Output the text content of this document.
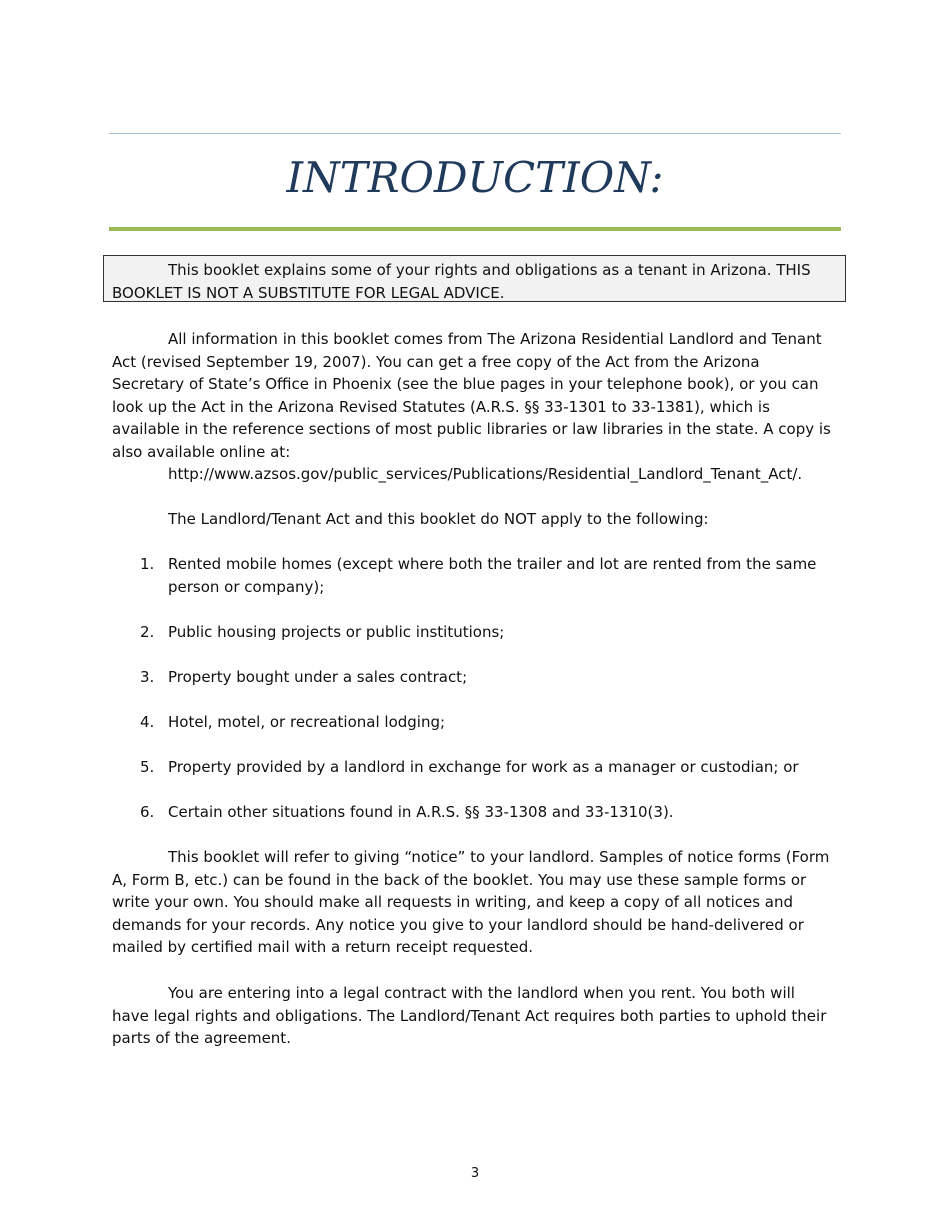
INTRODUCTION:
This booklet explains some of your rights and obligations as a tenant in Arizona. THIS BOOKLET IS NOT A SUBSTITUTE FOR LEGAL ADVICE.

All information in this booklet comes from The Arizona Residential Landlord and Tenant Act (revised September 19, 2007). You can get a free copy of the Act from the Arizona Secretary of State’s Office in Phoenix (see the blue pages in your telephone book), or you can look up the Act in the Arizona Revised Statutes (A.R.S. §§ 33-1301 to 33-1381), which is available in the reference sections of most public libraries or law libraries in the state. A copy is also available online at:

http://www.azsos.gov/public_services/Publications/Residential_Landlord_Tenant_Act/.

The Landlord/Tenant Act and this booklet do NOT apply to the following:

1. Rented mobile homes (except where both the trailer and lot are rented from the same person or company);
2. Public housing projects or public institutions;
3. Property bought under a sales contract;
4. Hotel, motel, or recreational lodging;
5. Property provided by a landlord in exchange for work as a manager or custodian; or
6. Certain other situations found in A.R.S. §§ 33-1308 and 33-1310(3).

This booklet will refer to giving “notice” to your landlord. Samples of notice forms (Form A, Form B, etc.) can be found in the back of the booklet. You may use these sample forms or write your own. You should make all requests in writing, and keep a copy of all notices and demands for your records. Any notice you give to your landlord should be hand-delivered or mailed by certified mail with a return receipt requested.

You are entering into a legal contract with the landlord when you rent. You both will have legal rights and obligations. The Landlord/Tenant Act requires both parties to uphold their parts of the agreement.

3
